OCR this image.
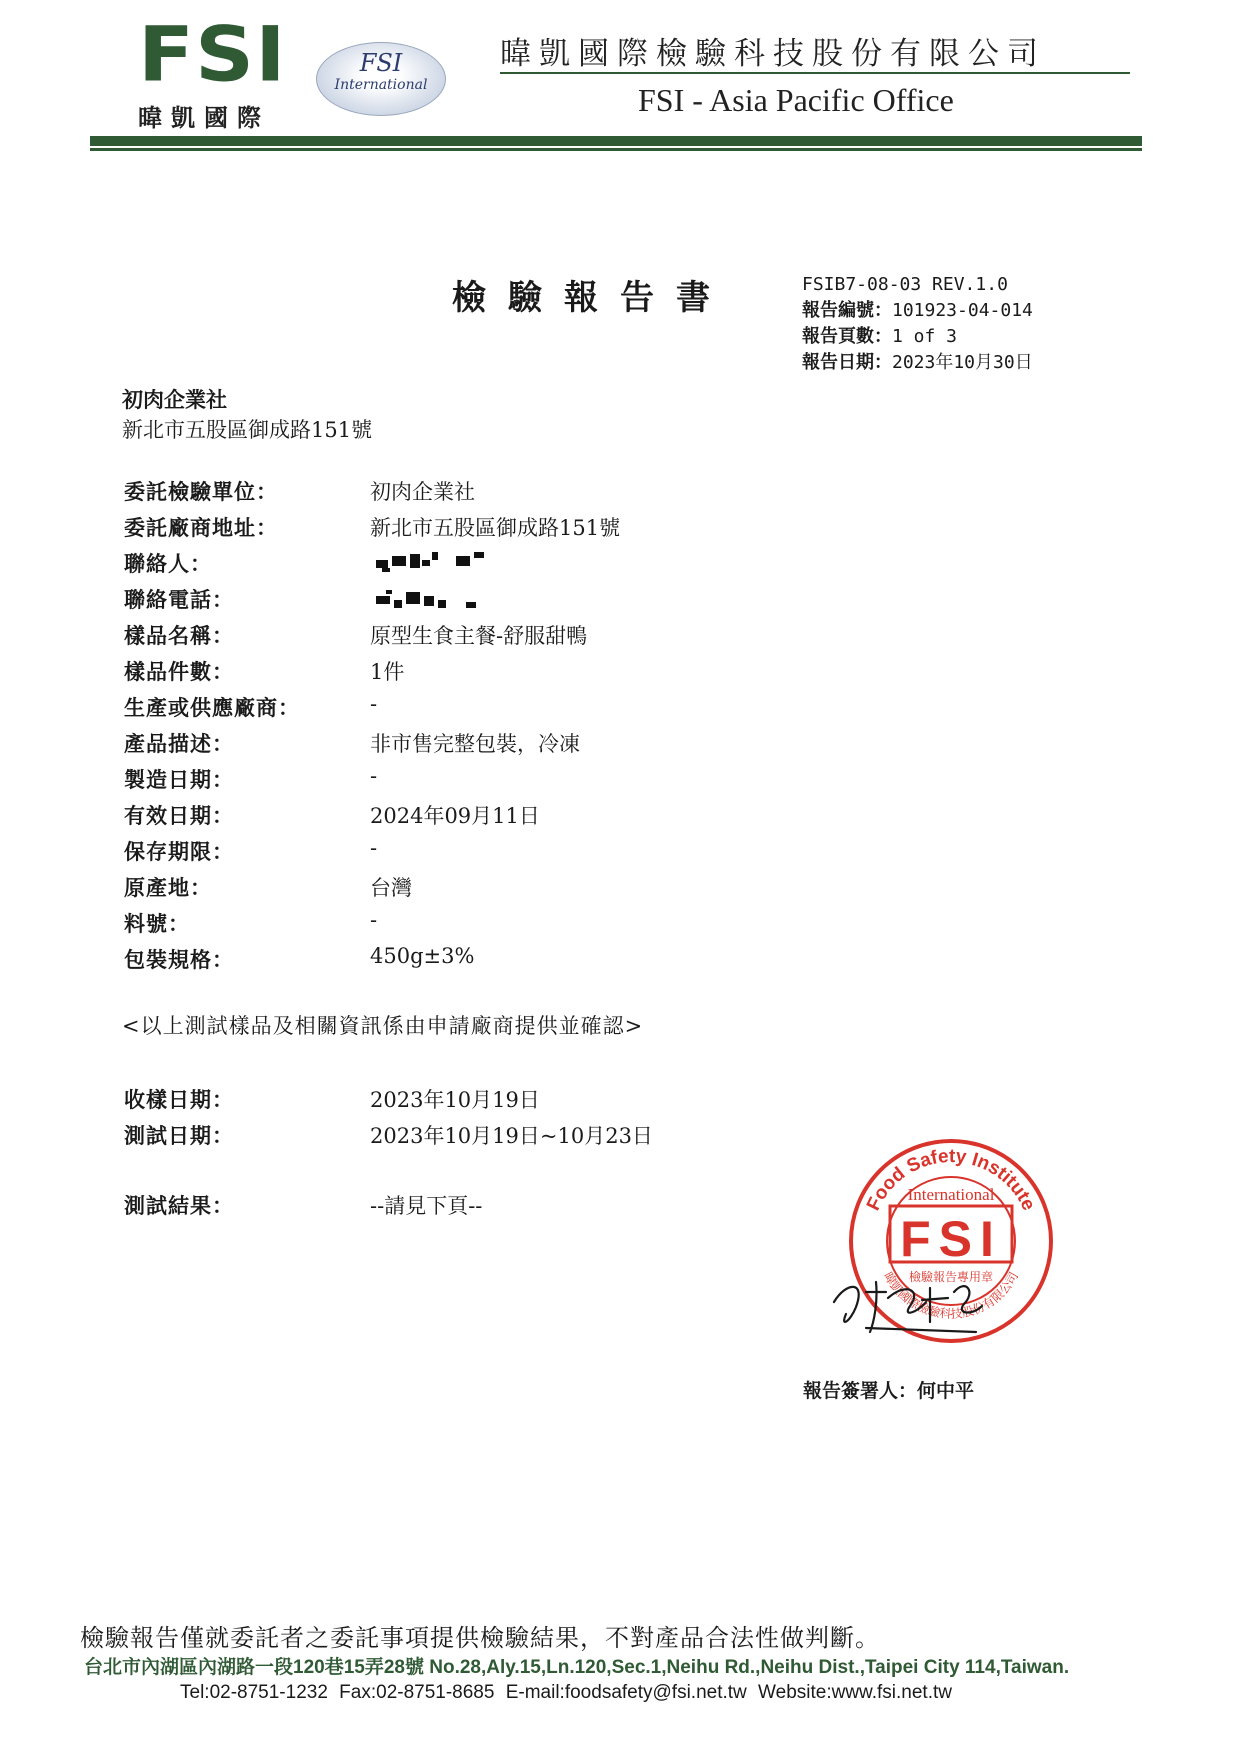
FSI
暐凱國際
FSI
International
暐凱國際檢驗科技股份有限公司
FSI - Asia Pacific Office
檢驗報告書	FSIB7-08-03 REV.1.0
報告編號：101923-04-014
報告頁數：1 of 3
報告日期：2023年10月30日
初肉企業社
新北市五股區御成路151號
委託檢驗單位：	初肉企業社
委託廠商地址：	新北市五股區御成路151號
聯絡人：
聯絡電話：
樣品名稱：	原型生食主餐-舒服甜鴨
樣品件數：	1件
生產或供應廠商：	-
產品描述：	非市售完整包裝，冷凍
製造日期：	-
有效日期：	2024年09月11日
保存期限：	-
原產地：	台灣
料號：	-
包裝規格：	450g±3%
<以上測試樣品及相關資訊係由申請廠商提供並確認>
收樣日期：	2023年10月19日
測試日期：	2023年10月19日~10月23日
測試結果：	--請見下頁--	Food Safety Institute
International
FSI
檢驗報告專用章
暐凱國際檢驗科技股份有限公司
報告簽署人：何中平
檢驗報告僅就委託者之委託事項提供檢驗結果，不對產品合法性做判斷。
台北市內湖區內湖路一段120巷15弄28號 No.28,Aly.15,Ln.120,Sec.1,Neihu Rd.,Neihu Dist.,Taipei City 114,Taiwan.
Tel:02-8751-1232 Fax:02-8751-8685 E-mail:foodsafety@fsi.net.tw Website:www.fsi.net.tw
